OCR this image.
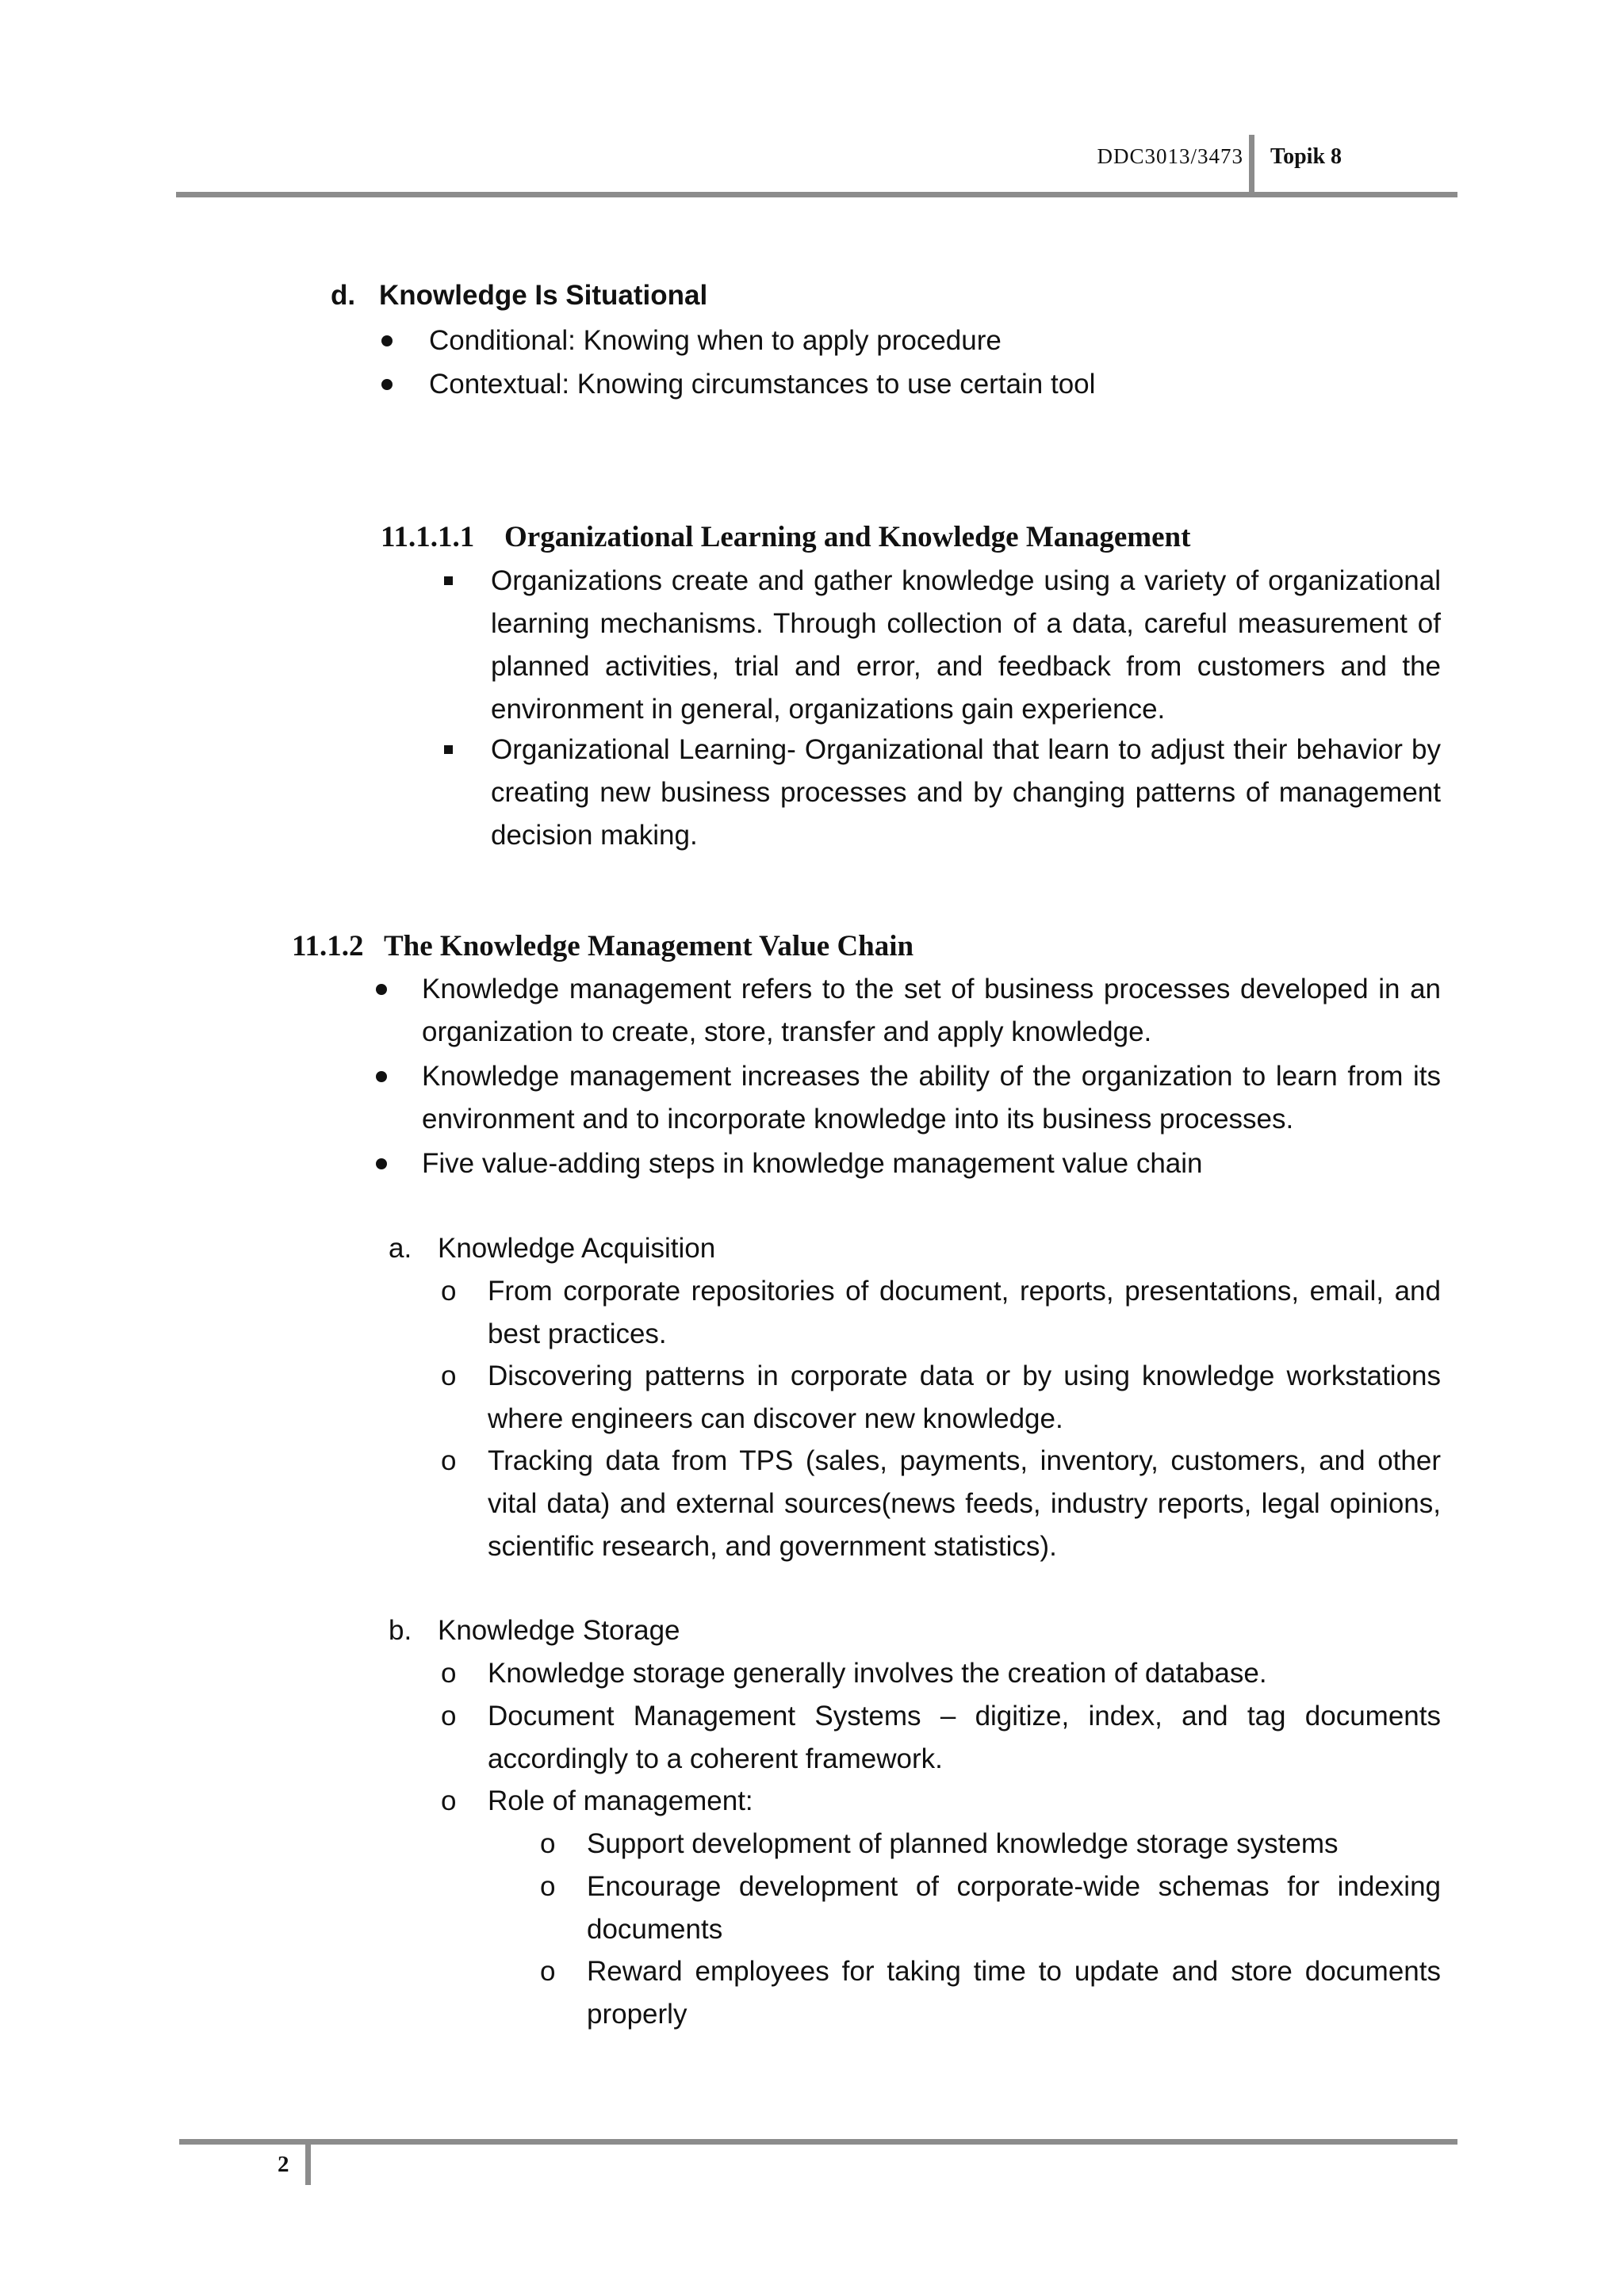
DDC3013/3473 Topik 8
d. Knowledge Is Situational
Conditional: Knowing when to apply procedure
Contextual: Knowing circumstances to use certain tool
11.1.1.1 Organizational Learning and Knowledge Management
Organizations create and gather knowledge using a variety of organizational learning mechanisms. Through collection of a data, careful measurement of planned activities, trial and error, and feedback from customers and the environment in general, organizations gain experience.
Organizational Learning- Organizational that learn to adjust their behavior by creating new business processes and by changing patterns of management decision making.
11.1.2 The Knowledge Management Value Chain
Knowledge management refers to the set of business processes developed in an organization to create, store, transfer and apply knowledge.
Knowledge management increases the ability of the organization to learn from its environment and to incorporate knowledge into its business processes.
Five value-adding steps in knowledge management value chain
a. Knowledge Acquisition
o From corporate repositories of document, reports, presentations, email, and best practices.
o Discovering patterns in corporate data or by using knowledge workstations where engineers can discover new knowledge.
o Tracking data from TPS (sales, payments, inventory, customers, and other vital data) and external sources(news feeds, industry reports, legal opinions, scientific research, and government statistics).
b. Knowledge Storage
o Knowledge storage generally involves the creation of database.
o Document Management Systems – digitize, index, and tag documents accordingly to a coherent framework.
o Role of management:
o Support development of planned knowledge storage systems
o Encourage development of corporate-wide schemas for indexing documents
o Reward employees for taking time to update and store documents properly
2
